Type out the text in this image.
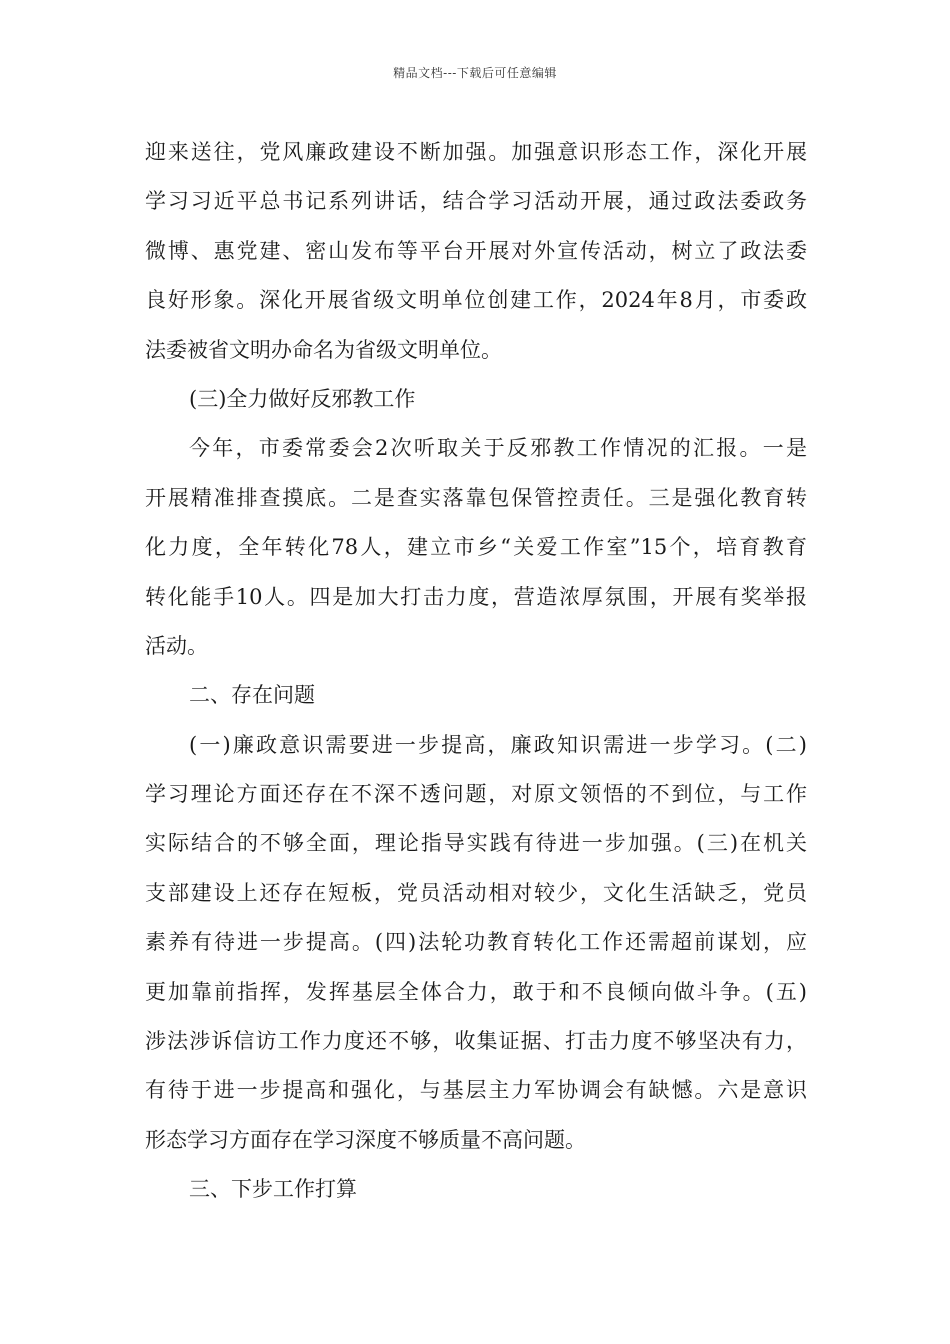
精品文档---下载后可任意编辑
迎来送往，党风廉政建设不断加强。加强意识形态工作，深化开展
学习习近平总书记系列讲话，结合学习活动开展，通过政法委政务
微博、惠党建、密山发布等平台开展对外宣传活动，树立了政法委
良好形象。深化开展省级文明单位创建工作，2024年8月，市委政
法委被省文明办命名为省级文明单位。
(三)全力做好反邪教工作
今年，市委常委会2次听取关于反邪教工作情况的汇报。一是
开展精准排查摸底。二是查实落靠包保管控责任。三是强化教育转
化力度，全年转化78人，建立市乡“关爱工作室”15个，培育教育
转化能手10人。四是加大打击力度，营造浓厚氛围，开展有奖举报
活动。
二、存在问题
(一)廉政意识需要进一步提高，廉政知识需进一步学习。(二)
学习理论方面还存在不深不透问题，对原文领悟的不到位，与工作
实际结合的不够全面，理论指导实践有待进一步加强。(三)在机关
支部建设上还存在短板，党员活动相对较少，文化生活缺乏，党员
素养有待进一步提高。(四)法轮功教育转化工作还需超前谋划，应
更加靠前指挥，发挥基层全体合力，敢于和不良倾向做斗争。(五)
涉法涉诉信访工作力度还不够，收集证据、打击力度不够坚决有力，
有待于进一步提高和强化，与基层主力军协调会有缺憾。六是意识
形态学习方面存在学习深度不够质量不高问题。
三、下步工作打算
